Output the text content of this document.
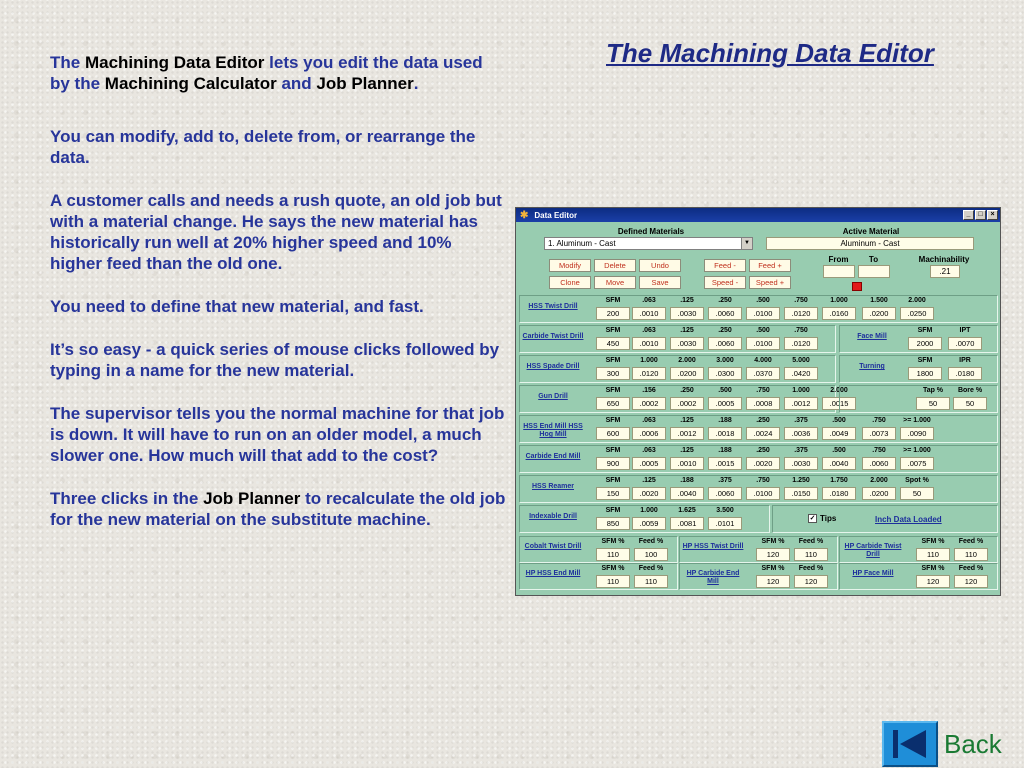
The Machining Data Editor

The Machining Data Editor lets you edit the data used by the Machining Calculator and Job Planner.

You can modify, add to, delete from, or rearrange the data.

A customer calls and needs a rush quote, an old job but with a material change. He says the new material has historically run well at 20% higher speed and 10% higher feed than the old one.

You need to define that new material, and fast.

It’s so easy - a quick series of mouse clicks followed by typing in a name for the new material.

The supervisor tells you the normal machine for that job is down. It will have to run on an older model, a much slower one. How much will that add to the cost?

Three clicks in the Job Planner to recalculate the old job for the new material on the substitute machine.

Back
✱ Data Editor	_	□	×
Defined Materials
1. Aluminum - Cast	▼
Active Material
Aluminum - Cast
Modify	Delete	Undo	Feed -	Feed +
Clone	Move	Save	Speed -	Speed +
From	To	Machinability
.21
✓ Tips	Inch Data Loaded
HSS Twist Drill
SFM	.063	.125	.250	.500	.750	1.000	1.500	2.000
200	.0010	.0030	.0060	.0100	.0120	.0160	.0200	.0250
Carbide Twist Drill
SFM	.063	.125	.250	.500	.750
450	.0010	.0030	.0060	.0100	.0120
Face Mill
SFM	IPT
2000	.0070
HSS Spade Drill
SFM	1.000	2.000	3.000	4.000	5.000
300	.0120	.0200	.0300	.0370	.0420
Turning
SFM	IPR
1800	.0180
Gun Drill
SFM	.156	.250	.500	.750	1.000	2.000
650	.0002	.0002	.0005	.0008	.0012	.0015
Tap %	Bore %
50	50
HSS End Mill HSS Hog Mill
SFM	.063	.125	.188	.250	.375	.500	.750	>= 1.000
600	.0006	.0012	.0018	.0024	.0036	.0049	.0073	.0090
Carbide End Mill
SFM	.063	.125	.188	.250	.375	.500	.750	>= 1.000
900	.0005	.0010	.0015	.0020	.0030	.0040	.0060	.0075
HSS Reamer
SFM	.125	.188	.375	.750	1.250	1.750	2.000	Spot %
150	.0020	.0040	.0060	.0100	.0150	.0180	.0200	50
Indexable Drill
SFM	1.000	1.625	3.500
850	.0059	.0081	.0101
Cobalt Twist Drill
SFM %	Feed %
110	100
HP HSS Twist Drill
SFM %	Feed %
120	110
HP Carbide Twist Drill
SFM %	Feed %
110	110
HP HSS End Mill
SFM %	Feed %
110	110
HP Carbide End Mill
SFM %	Feed %
120	120
HP Face Mill
SFM %	Feed %
120	120
